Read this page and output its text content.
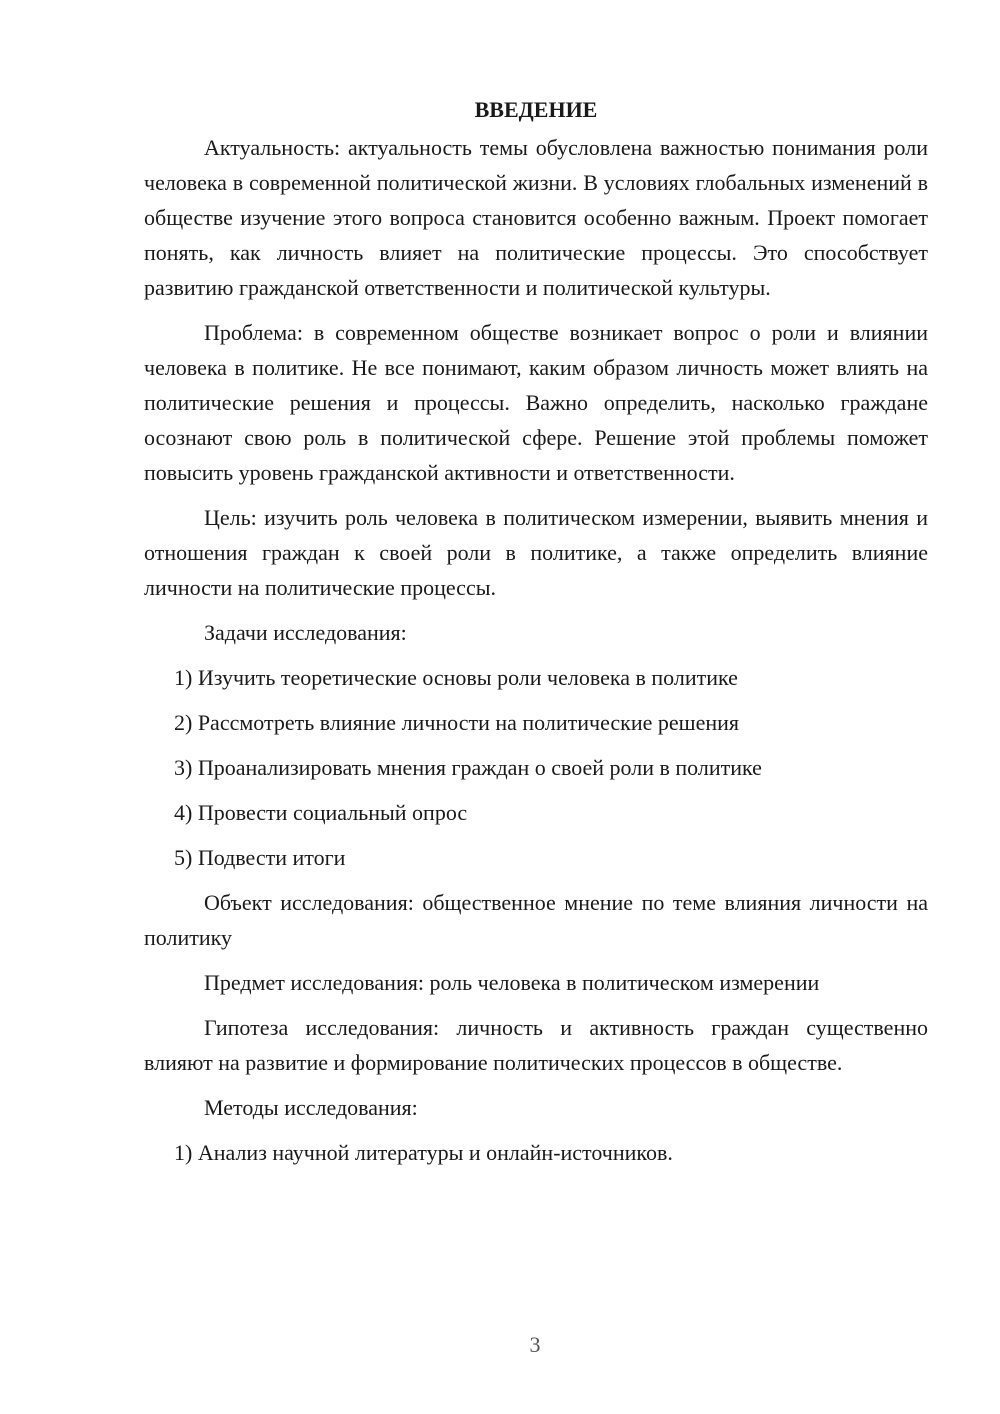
ВВЕДЕНИЕ

Актуальность: актуальность темы обусловлена важностью понимания роли человека в современной политической жизни. В условиях глобальных изменений в обществе изучение этого вопроса становится особенно важным. Проект помогает понять, как личность влияет на политические процессы. Это способствует развитию гражданской ответственности и политической культуры.

Проблема: в современном обществе возникает вопрос о роли и влиянии человека в политике. Не все понимают, каким образом личность может влиять на политические решения и процессы. Важно определить, насколько граждане осознают свою роль в политической сфере. Решение этой проблемы поможет повысить уровень гражданской активности и ответственности.

Цель: изучить роль человека в политическом измерении, выявить мнения и отношения граждан к своей роли в политике, а также определить влияние личности на политические процессы.

Задачи исследования:
1) Изучить теоретические основы роли человека в политике
2) Рассмотреть влияние личности на политические решения
3) Проанализировать мнения граждан о своей роли в политике
4) Провести социальный опрос
5) Подвести итоги

Объект исследования: общественное мнение по теме влияния личности на политику

Предмет исследования: роль человека в политическом измерении

Гипотеза исследования: личность и активность граждан существенно влияют на развитие и формирование политических процессов в обществе.

Методы исследования:
1) Анализ научной литературы и онлайн-источников.
3
